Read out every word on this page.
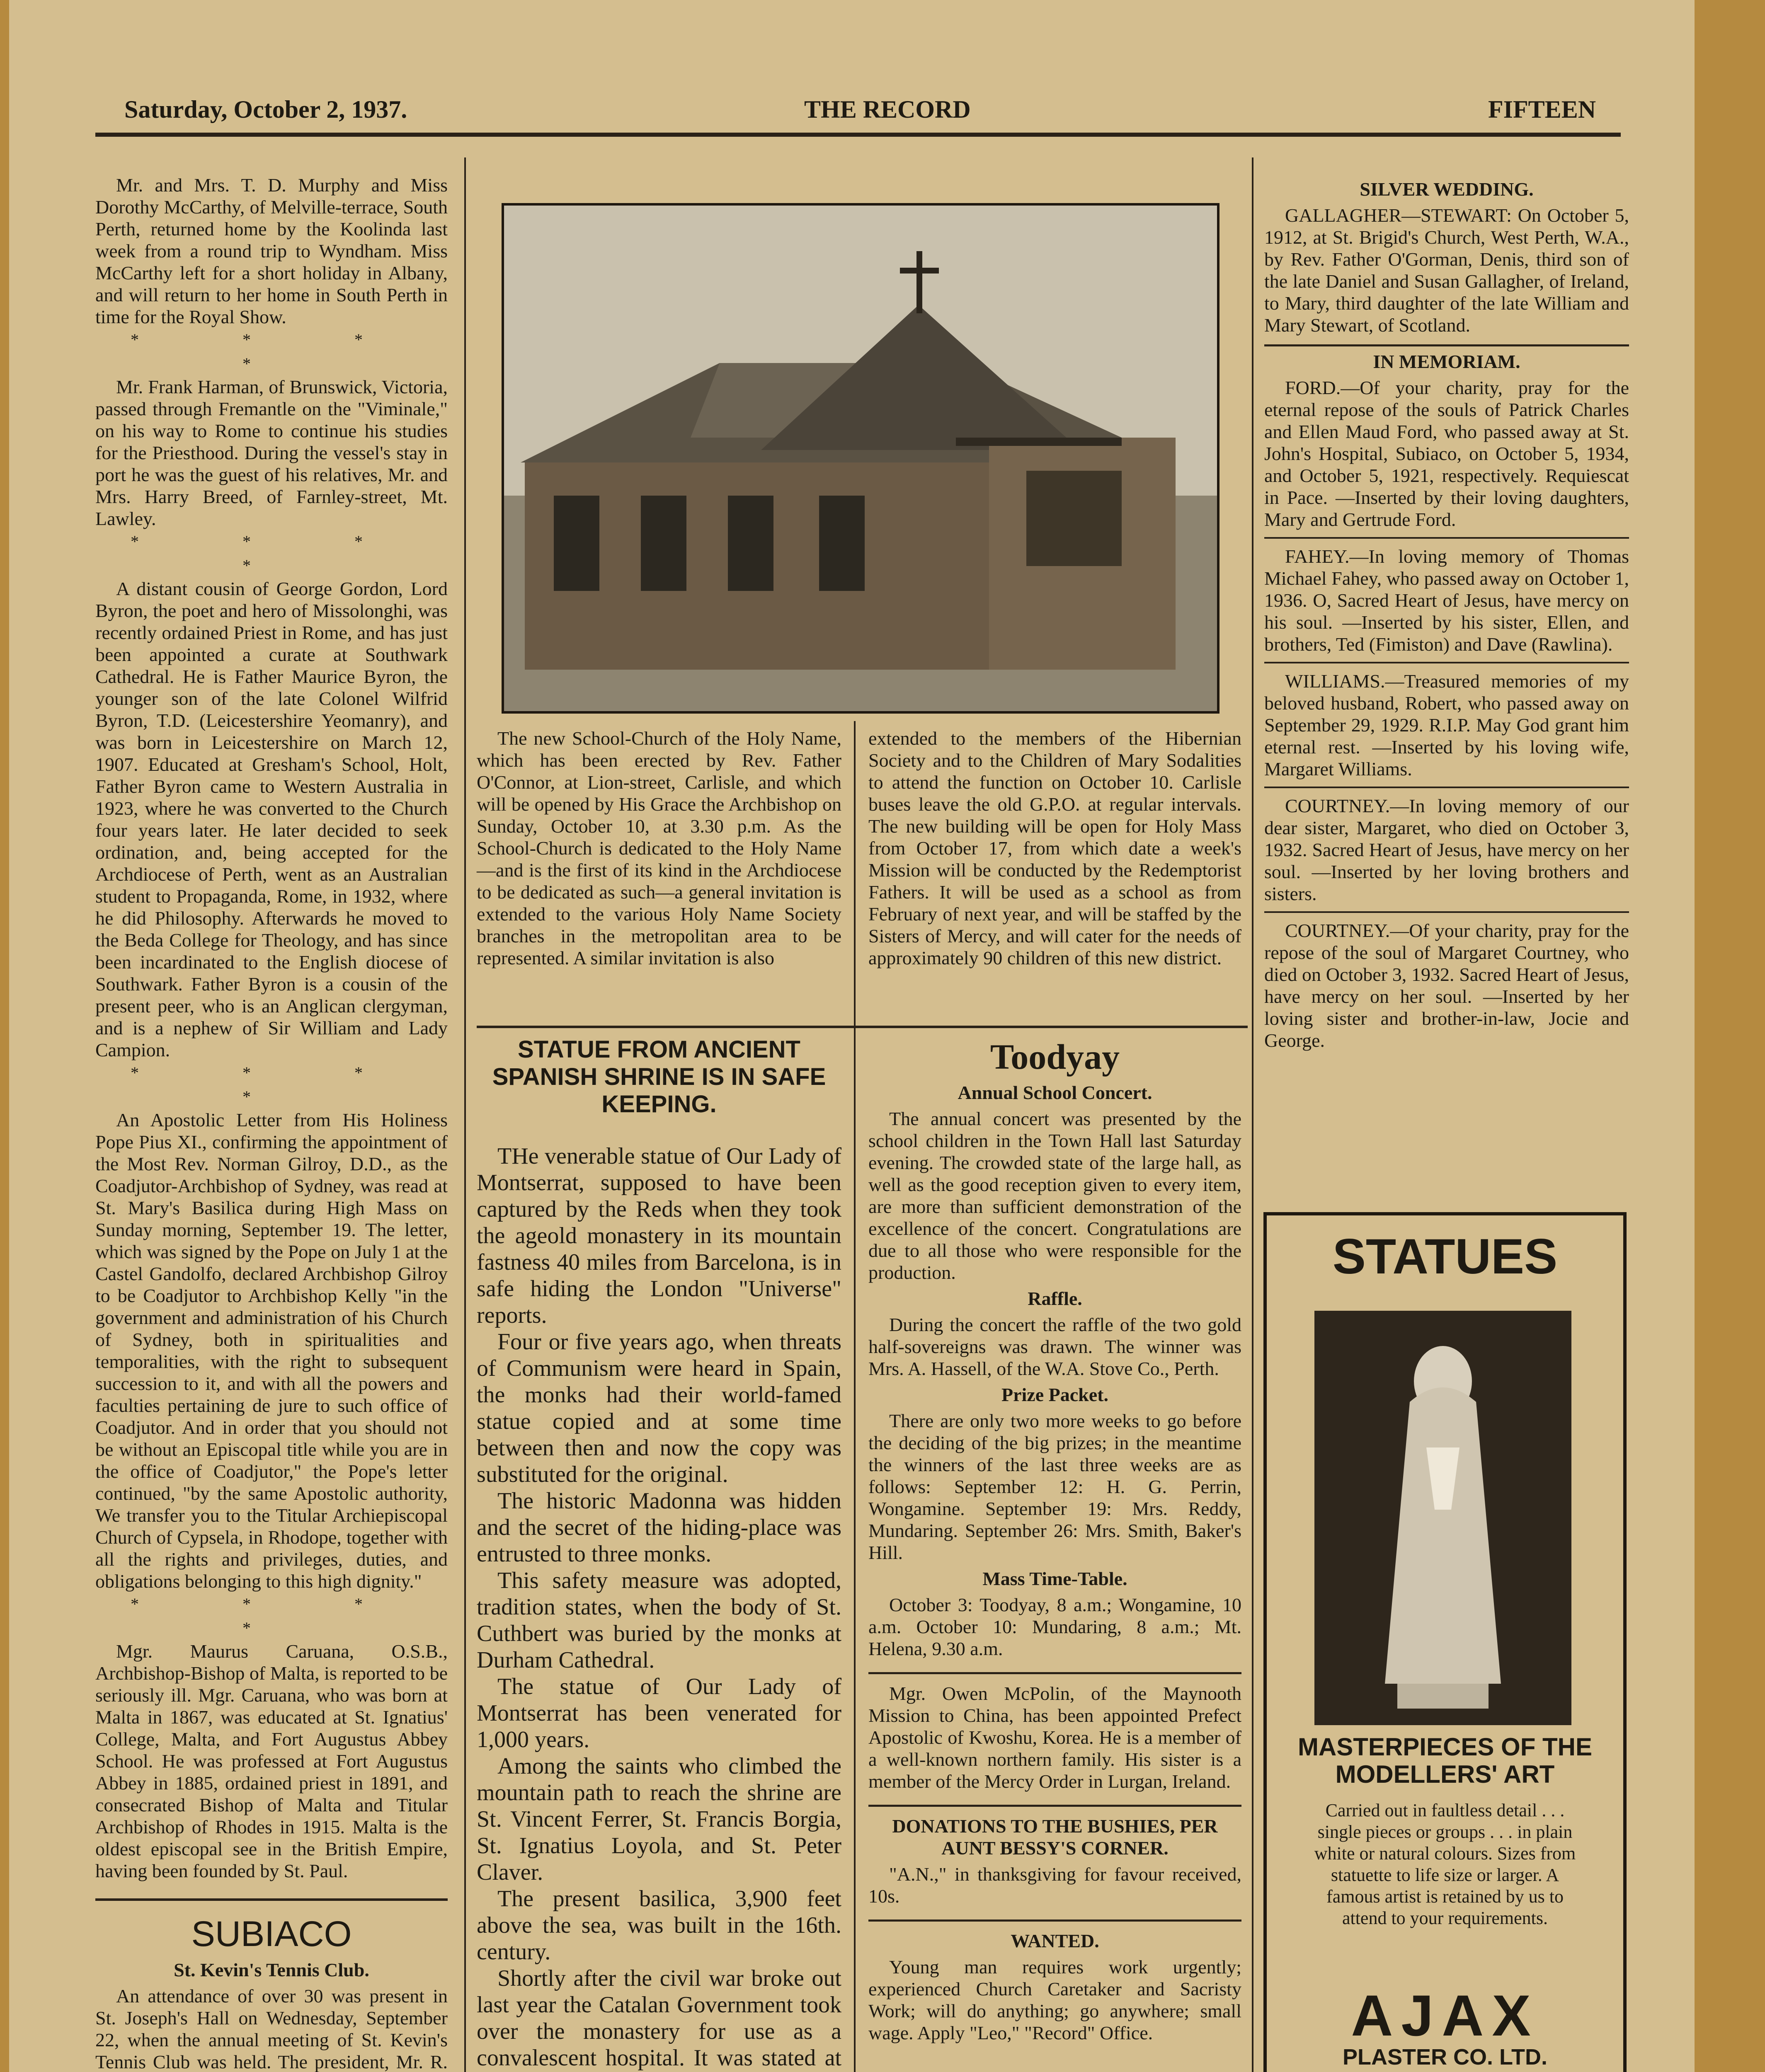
Saturday, October 2, 1937.	THE RECORD	FIFTEEN

Mr. and Mrs. T. D. Murphy and Miss Dorothy McCarthy, of Melville-terrace, South Perth, returned home by the Koolinda last week from a round trip to Wyndham. Miss McCarthy left for a short holiday in Albany, and will return to her home in South Perth in time for the Royal Show.

* * * *

Mr. Frank Harman, of Brunswick, Victoria, passed through Fremantle on the "Viminale," on his way to Rome to continue his studies for the Priesthood. During the vessel's stay in port he was the guest of his relatives, Mr. and Mrs. Harry Breed, of Farnley-street, Mt. Lawley.

* * * *

A distant cousin of George Gordon, Lord Byron, the poet and hero of Missolonghi, was recently ordained Priest in Rome, and has just been appointed a curate at Southwark Cathedral. He is Father Maurice Byron, the younger son of the late Colonel Wilfrid Byron, T.D. (Leicestershire Yeomanry), and was born in Leicestershire on March 12, 1907. Educated at Gresham's School, Holt, Father Byron came to Western Australia in 1923, where he was converted to the Church four years later. He later decided to seek ordination, and, being accepted for the Archdiocese of Perth, went as an Australian student to Propaganda, Rome, in 1932, where he did Philosophy. Afterwards he moved to the Beda College for Theology, and has since been incardinated to the English diocese of Southwark. Father Byron is a cousin of the present peer, who is an Anglican clergyman, and is a nephew of Sir William and Lady Campion.

* * * *

An Apostolic Letter from His Holiness Pope Pius XI., confirming the appointment of the Most Rev. Norman Gilroy, D.D., as the Coadjutor-Archbishop of Sydney, was read at St. Mary's Basilica during High Mass on Sunday morning, September 19. The letter, which was signed by the Pope on July 1 at the Castel Gandolfo, declared Archbishop Gilroy to be Coadjutor to Archbishop Kelly "in the government and administration of his Church of Sydney, both in spiritualities and temporalities, with the right to subsequent succession to it, and with all the powers and faculties pertaining de jure to such office of Coadjutor. And in order that you should not be without an Episcopal title while you are in the office of Coadjutor," the Pope's letter continued, "by the same Apostolic authority, We transfer you to the Titular Archiepiscopal Church of Cypsela, in Rhodope, together with all the rights and privileges, duties, and obligations belonging to this high dignity."

* * * *

Mgr. Maurus Caruana, O.S.B., Archbishop-Bishop of Malta, is reported to be seriously ill. Mgr. Caruana, who was born at Malta in 1867, was educated at St. Ignatius' College, Malta, and Fort Augustus Abbey School. He was professed at Fort Augustus Abbey in 1885, ordained priest in 1891, and consecrated Bishop of Malta and Titular Archbishop of Rhodes in 1915. Malta is the oldest episcopal see in the British Empire, having been founded by St. Paul.

SUBIACO

St. Kevin's Tennis Club.

An attendance of over 30 was present in St. Joseph's Hall on Wednesday, September 22, when the annual meeting of St. Kevin's Tennis Club was held. The president, Mr. R.

The new School-Church of the Holy Name, which has been erected by Rev. Father O'Connor, at Lion-street, Carlisle, and which will be opened by His Grace the Archbishop on Sunday, October 10, at 3.30 p.m. As the School-Church is dedicated to the Holy Name—and is the first of its kind in the Archdiocese to be dedicated as such—a general invitation is extended to the various Holy Name Society branches in the metropolitan area to be represented. A similar invitation is also

extended to the members of the Hibernian Society and to the Children of Mary Sodalities to attend the function on October 10. Carlisle buses leave the old G.P.O. at regular intervals. The new building will be open for Holy Mass from October 17, from which date a week's Mission will be conducted by the Redemptorist Fathers. It will be used as a school as from February of next year, and will be staffed by the Sisters of Mercy, and will cater for the needs of approximately 90 children of this new district.

STATUE FROM ANCIENT SPANISH SHRINE IS IN SAFE KEEPING.

THe venerable statue of Our Lady of Montserrat, supposed to have been captured by the Reds when they took the ageold monastery in its mountain fastness 40 miles from Barcelona, is in safe hiding the London "Universe" reports.

Four or five years ago, when threats of Communism were heard in Spain, the monks had their world-famed statue copied and at some time between then and now the copy was substituted for the original.

The historic Madonna was hidden and the secret of the hiding-place was entrusted to three monks.

This safety measure was adopted, tradition states, when the body of St. Cuthbert was buried by the monks at Durham Cathedral.

The statue of Our Lady of Montserrat has been venerated for 1,000 years.

Among the saints who climbed the mountain path to reach the shrine are St. Vincent Ferrer, St. Francis Borgia, St. Ignatius Loyola, and St. Peter Claver.

The present basilica, 3,900 feet above the sea, was built in the 16th. century.

Shortly after the civil war broke out last year the Catalan Government took over the monastery for use as a convalescent hospital. It was stated at

Toodyay

Annual School Concert.

The annual concert was presented by the school children in the Town Hall last Saturday evening. The crowded state of the large hall, as well as the good reception given to every item, are more than sufficient demonstration of the excellence of the concert. Congratulations are due to all those who were responsible for the production.

Raffle.

During the concert the raffle of the two gold half-sovereigns was drawn. The winner was Mrs. A. Hassell, of the W.A. Stove Co., Perth.

Prize Packet.

There are only two more weeks to go before the deciding of the big prizes; in the meantime the winners of the last three weeks are as follows: September 12: H. G. Perrin, Wongamine. September 19: Mrs. Reddy, Mundaring. September 26: Mrs. Smith, Baker's Hill.

Mass Time-Table.

October 3: Toodyay, 8 a.m.; Wongamine, 10 a.m. October 10: Mundaring, 8 a.m.; Mt. Helena, 9.30 a.m.

Mgr. Owen McPolin, of the Maynooth Mission to China, has been appointed Prefect Apostolic of Kwoshu, Korea. He is a member of a well-known northern family. His sister is a member of the Mercy Order in Lurgan, Ireland.

DONATIONS TO THE BUSHIES, PER AUNT BESSY'S CORNER.

"A.N.," in thanksgiving for favour received, 10s.

WANTED.

Young man requires work urgently; experienced Church Caretaker and Sacristy Work; will do anything; go anywhere; small wage. Apply "Leo," "Record" Office.

SILVER WEDDING.

GALLAGHER—STEWART: On October 5, 1912, at St. Brigid's Church, West Perth, W.A., by Rev. Father O'Gorman, Denis, third son of the late Daniel and Susan Gallagher, of Ireland, to Mary, third daughter of the late William and Mary Stewart, of Scotland.

IN MEMORIAM.

FORD.—Of your charity, pray for the eternal repose of the souls of Patrick Charles and Ellen Maud Ford, who passed away at St. John's Hospital, Subiaco, on October 5, 1934, and October 5, 1921, respectively. Requiescat in Pace. —Inserted by their loving daughters, Mary and Gertrude Ford.

FAHEY.—In loving memory of Thomas Michael Fahey, who passed away on October 1, 1936. O, Sacred Heart of Jesus, have mercy on his soul. —Inserted by his sister, Ellen, and brothers, Ted (Fimiston) and Dave (Rawlina).

WILLIAMS.—Treasured memories of my beloved husband, Robert, who passed away on September 29, 1929. R.I.P. May God grant him eternal rest. —Inserted by his loving wife, Margaret Williams.

COURTNEY.—In loving memory of our dear sister, Margaret, who died on October 3, 1932. Sacred Heart of Jesus, have mercy on her soul. —Inserted by her loving brothers and sisters.

COURTNEY.—Of your charity, pray for the repose of the soul of Margaret Courtney, who died on October 3, 1932. Sacred Heart of Jesus, have mercy on her soul. —Inserted by her loving sister and brother-in-law, Jocie and George.

STATUES
MASTERPIECES OF THE MODELLERS' ART
Carried out in faultless detail . . . single pieces or groups . . . in plain white or natural colours. Sizes from statuette to life size or larger. A famous artist is retained by us to attend to your requirements.
AJAX
PLASTER CO. LTD.
